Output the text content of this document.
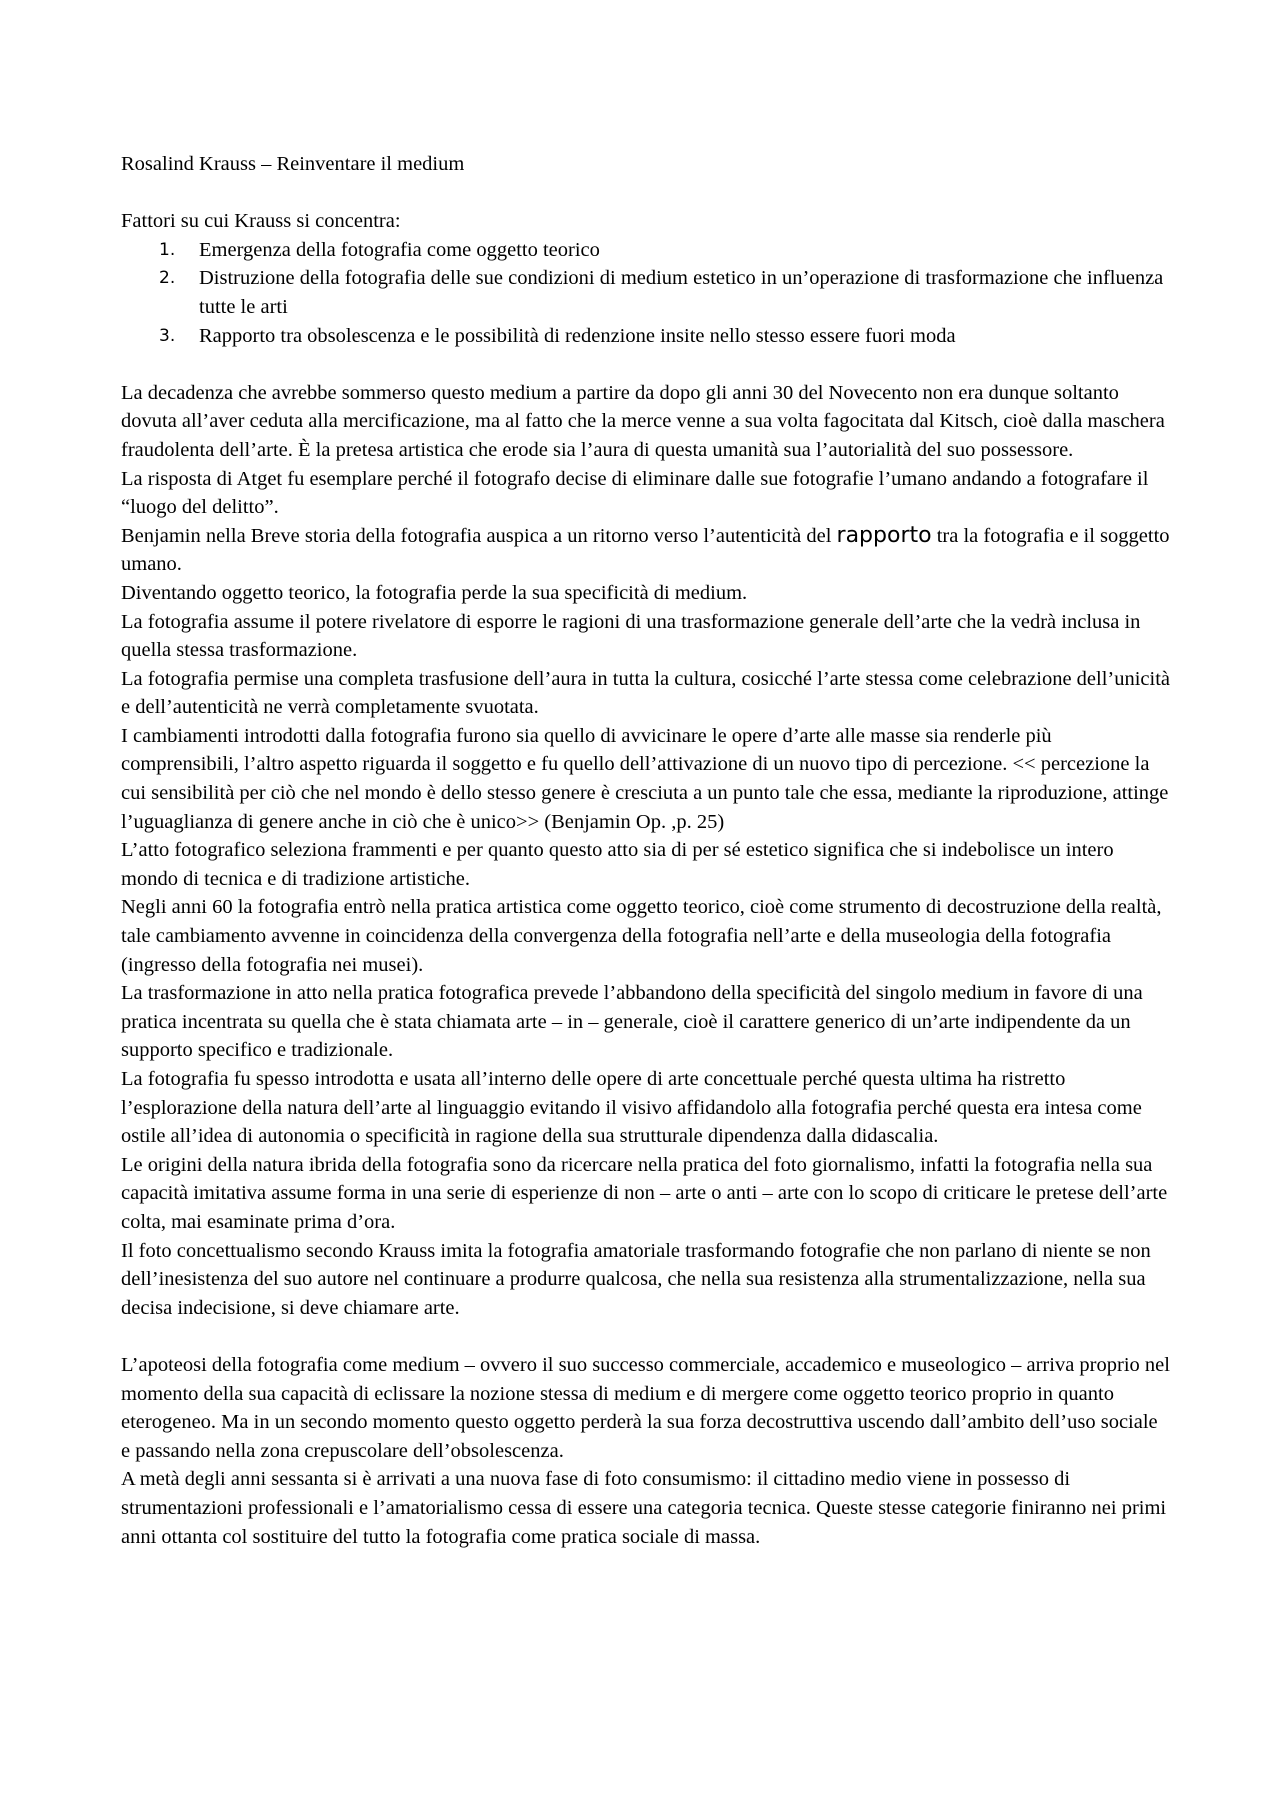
Rosalind Krauss – Reinventare il medium

Fattori su cui Krauss si concentra:

1. Emergenza della fotografia come oggetto teorico
2. Distruzione della fotografia delle sue condizioni di medium estetico in un’operazione di trasformazione che influenza tutte le arti
3. Rapporto tra obsolescenza e le possibilità di redenzione insite nello stesso essere fuori moda

La decadenza che avrebbe sommerso questo medium a partire da dopo gli anni 30 del Novecento non era dunque soltanto dovuta all’aver ceduta alla mercificazione, ma al fatto che la merce venne a sua volta fagocitata dal Kitsch, cioè dalla maschera fraudolenta dell’arte. È la pretesa artistica che erode sia l’aura di questa umanità sua l’autorialità del suo possessore.

La risposta di Atget fu esemplare perché il fotografo decise di eliminare dalle sue fotografie l’umano andando a fotografare il “luogo del delitto”.

Benjamin nella Breve storia della fotografia auspica a un ritorno verso l’autenticità del rapporto tra la fotografia e il soggetto umano.

Diventando oggetto teorico, la fotografia perde la sua specificità di medium.

La fotografia assume il potere rivelatore di esporre le ragioni di una trasformazione generale dell’arte che la vedrà inclusa in quella stessa trasformazione.

La fotografia permise una completa trasfusione dell’aura in tutta la cultura, cosicché l’arte stessa come celebrazione dell’unicità e dell’autenticità ne verrà completamente svuotata.

I cambiamenti introdotti dalla fotografia furono sia quello di avvicinare le opere d’arte alle masse sia renderle più comprensibili, l’altro aspetto riguarda il soggetto e fu quello dell’attivazione di un nuovo tipo di percezione. << percezione la cui sensibilità per ciò che nel mondo è dello stesso genere è cresciuta a un punto tale che essa, mediante la riproduzione, attinge l’uguaglianza di genere anche in ciò che è unico>> (Benjamin Op. ,p. 25)

L’atto fotografico seleziona frammenti e per quanto questo atto sia di per sé estetico significa che si indebolisce un intero mondo di tecnica e di tradizione artistiche.

Negli anni 60 la fotografia entrò nella pratica artistica come oggetto teorico, cioè come strumento di decostruzione della realtà, tale cambiamento avvenne in coincidenza della convergenza della fotografia nell’arte e della museologia della fotografia (ingresso della fotografia nei musei).

La trasformazione in atto nella pratica fotografica prevede l’abbandono della specificità del singolo medium in favore di una pratica incentrata su quella che è stata chiamata arte – in – generale, cioè il carattere generico di un’arte indipendente da un supporto specifico e tradizionale.

La fotografia fu spesso introdotta e usata all’interno delle opere di arte concettuale perché questa ultima ha ristretto l’esplorazione della natura dell’arte al linguaggio evitando il visivo affidandolo alla fotografia perché questa era intesa come ostile all’idea di autonomia o specificità in ragione della sua strutturale dipendenza dalla didascalia.

Le origini della natura ibrida della fotografia sono da ricercare nella pratica del foto giornalismo, infatti la fotografia nella sua capacità imitativa assume forma in una serie di esperienze di non – arte o anti – arte con lo scopo di criticare le pretese dell’arte colta, mai esaminate prima d’ora.

Il foto concettualismo secondo Krauss imita la fotografia amatoriale trasformando fotografie che non parlano di niente se non dell’inesistenza del suo autore nel continuare a produrre qualcosa, che nella sua resistenza alla strumentalizzazione, nella sua decisa indecisione, si deve chiamare arte.

L’apoteosi della fotografia come medium – ovvero il suo successo commerciale, accademico e museologico – arriva proprio nel momento della sua capacità di eclissare la nozione stessa di medium e di mergere come oggetto teorico proprio in quanto eterogeneo. Ma in un secondo momento questo oggetto perderà la sua forza decostruttiva uscendo dall’ambito dell’uso sociale e passando nella zona crepuscolare dell’obsolescenza.

A metà degli anni sessanta si è arrivati a una nuova fase di foto consumismo: il cittadino medio viene in possesso di strumentazioni professionali e l’amatorialismo cessa di essere una categoria tecnica. Queste stesse categorie finiranno nei primi anni ottanta col sostituire del tutto la fotografia come pratica sociale di massa.
